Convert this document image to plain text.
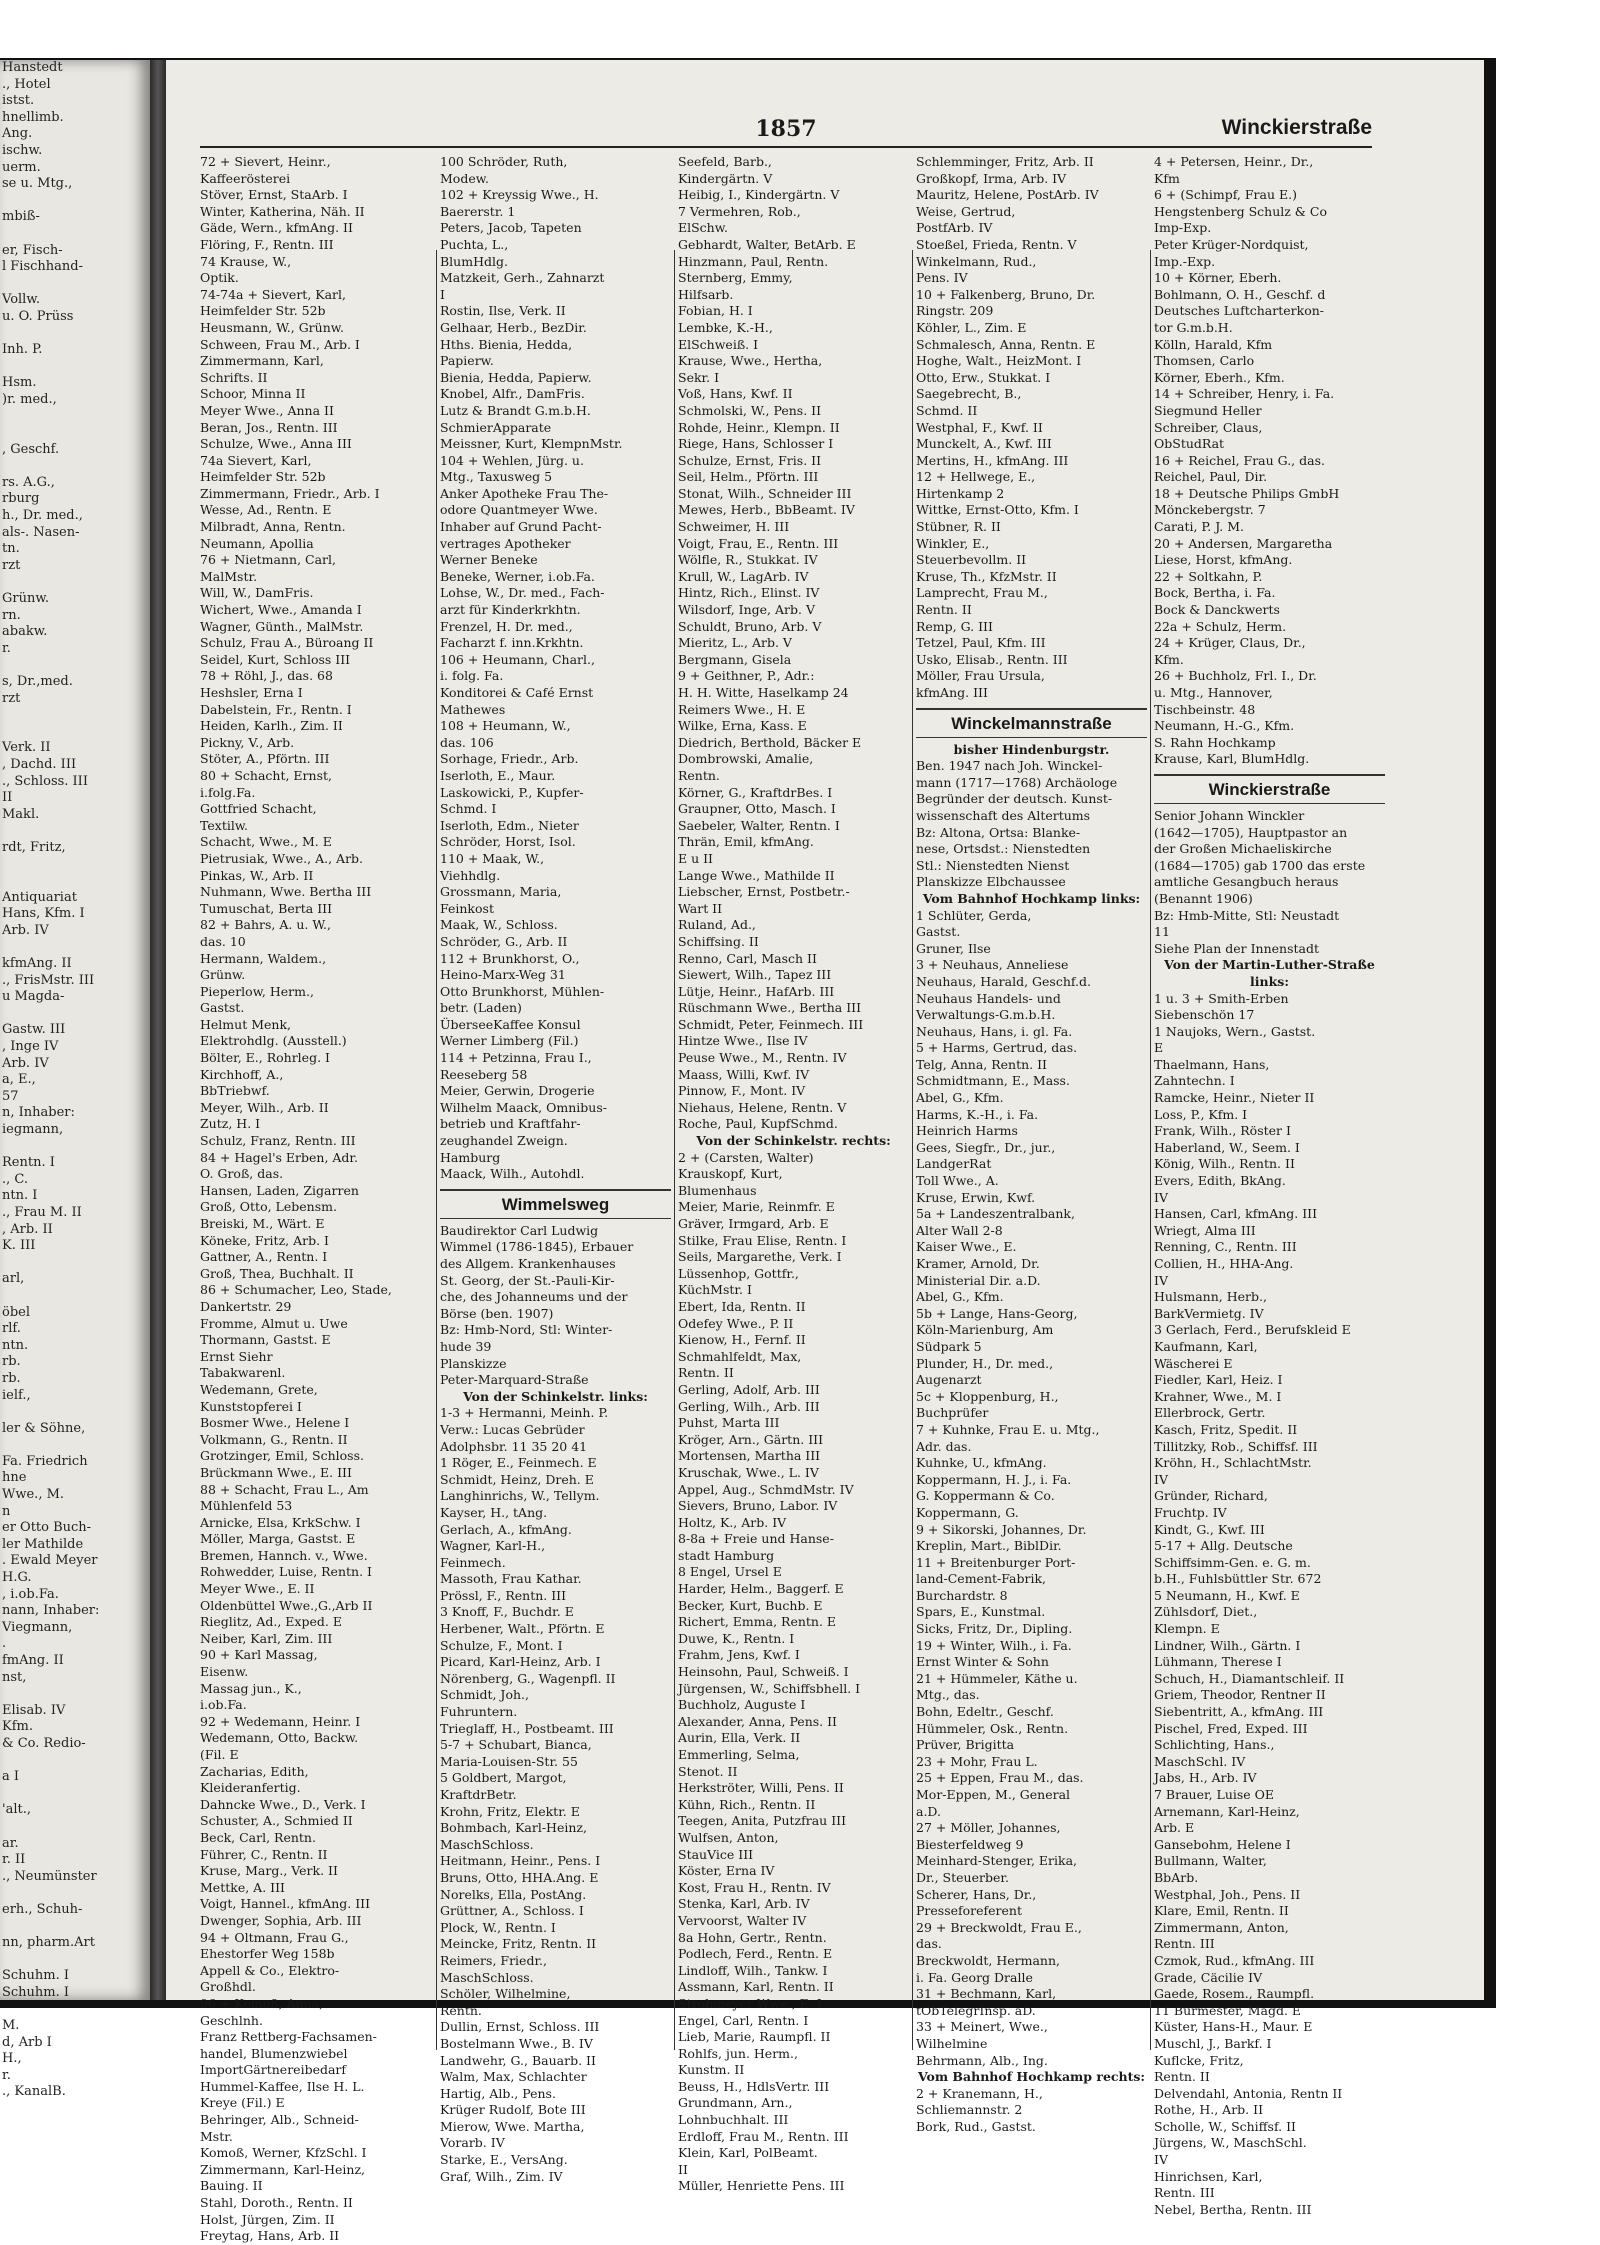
Hanstedt
., Hotel
istst.
hnellimb.
Ang.
ischw.
uerm.
se u. Mtg.,

mbiß-

er, Fisch-
l Fischhand-

Vollw.
u. O. Prüss

Inh. P.

Hsm.
)r. med.,

, Geschf.

rs. A.G.,
rburg
h., Dr. med.,
als-. Nasen-
tn.
rzt

Grünw.
rn.
abakw.
r.

s, Dr.,med.
rzt

Verk. II
, Dachd. III
., Schloss. III
II
Makl.

rdt, Fritz,

Antiquariat
Hans, Kfm. I
Arb. IV

kfmAng. II
., FrisMstr. III
u Magda-

Gastw. III
, Inge IV
Arb. IV
a, E.,
57
n, Inhaber:
iegmann,

Rentn. I
., C.
ntn. I
., Frau M. II
, Arb. II
K. III

arl,

öbel
rlf.
ntn.
rb.
rb.
ielf.,

ler & Söhne,

Fa. Friedrich
hne
Wwe., M.
n
er Otto Buch-
ler Mathilde
. Ewald Meyer
H.G.
, i.ob.Fa.
nann, Inhaber:
Viegmann,
.
fmAng. II
nst,

Elisab. IV
Kfm.
& Co. Redio-

a I

'alt.,

ar.
r. II
., Neumünster

erh., Schuh-

nn, pharm.Art

Schuhm. I
Schuhm. I

M.
d, Arb I
H.,
r.
., KanalB.
1857	Winckierstraße
72 + Sievert, Heinr.,
Kaffeerösterei
Stöver, Ernst, StaArb. I
Winter, Katherina, Näh. II
Gäde, Wern., kfmAng. II
Flöring, F., Rentn. III
74 Krause, W.,
Optik.
74-74a + Sievert, Karl,
Heimfelder Str. 52b
Heusmann, W., Grünw.
Schween, Frau M., Arb. I
Zimmermann, Karl,
Schrifts. II
Schoor, Minna II
Meyer Wwe., Anna II
Beran, Jos., Rentn. III
Schulze, Wwe., Anna III
74a Sievert, Karl,
Heimfelder Str. 52b
Zimmermann, Friedr., Arb. I
Wesse, Ad., Rentn. E
Milbradt, Anna, Rentn.
Neumann, Apollia
76 + Nietmann, Carl,
MalMstr.
Will, W., DamFris.
Wichert, Wwe., Amanda I
Wagner, Günth., MalMstr.
Schulz, Frau A., Büroang II
Seidel, Kurt, Schloss III
78 + Röhl, J., das. 68
Heshsler, Erna I
Dabelstein, Fr., Rentn. I
Heiden, Karlh., Zim. II
Pickny, V., Arb.
Stöter, A., Pförtn. III
80 + Schacht, Ernst,
i.folg.Fa.
Gottfried Schacht,
Textilw.
Schacht, Wwe., M. E
Pietrusiak, Wwe., A., Arb.
Pinkas, W., Arb. II
Nuhmann, Wwe. Bertha III
Tumuschat, Berta III
82 + Bahrs, A. u. W.,
das. 10
Hermann, Waldem.,
Grünw.
Pieperlow, Herm.,
Gastst.
Helmut Menk,
Elektrohdlg. (Ausstell.)
Bölter, E., Rohrleg. I
Kirchhoff, A.,
BbTriebwf.
Meyer, Wilh., Arb. II
Zutz, H. I
Schulz, Franz, Rentn. III
84 + Hagel's Erben, Adr.
O. Groß, das.
Hansen, Laden, Zigarren
Groß, Otto, Lebensm.
Breiski, M., Wärt. E
Köneke, Fritz, Arb. I
Gattner, A., Rentn. I
Groß, Thea, Buchhalt. II
86 + Schumacher, Leo, Stade,
Dankertstr. 29
Fromme, Almut u. Uwe
Thormann, Gastst. E
Ernst Siehr
Tabakwarenl.
Wedemann, Grete,
Kunststopferei I
Bosmer Wwe., Helene I
Volkmann, G., Rentn. II
Grotzinger, Emil, Schloss.
Brückmann Wwe., E. III
88 + Schacht, Frau L., Am
Mühlenfeld 53
Arnicke, Elsa, KrkSchw. I
Möller, Marga, Gastst. E
Bremen, Hannch. v., Wwe.
Rohwedder, Luise, Rentn. I
Meyer Wwe., E. II
Oldenbüttel Wwe.,G.,Arb II
Rieglitz, Ad., Exped. E
Neiber, Karl, Zim. III
90 + Karl Massag,
Eisenw.
Massag jun., K.,
i.ob.Fa.
92 + Wedemann, Heinr. I
Wedemann, Otto, Backw.
(Fil. E
Zacharias, Edith,
Kleideranfertig.
Dahncke Wwe., D., Verk. I
Schuster, A., Schmied II
Beck, Carl, Rentn.
Führer, C., Rentn. II
Kruse, Marg., Verk. II
Mettke, A. III
Voigt, Hannel., kfmAng. III
Dwenger, Sophia, Arb. III
94 + Oltmann, Frau G.,
Ehestorfer Weg 158b
Appell & Co., Elektro-
Großhdl.
96 + Komoß, Anna,
Geschlnh.
Franz Rettberg-Fachsamen-
handel, Blumenzwiebel
ImportGärtnereibedarf
Hummel-Kaffee, Ilse H. L.
Kreye (Fil.) E
Behringer, Alb., Schneid-
Mstr.
Komoß, Werner, KfzSchl. I
Zimmermann, Karl-Heinz,
Bauing. II
Stahl, Doroth., Rentn. II
Holst, Jürgen, Zim. II
Freytag, Hans, Arb. II
100 Schröder, Ruth,
Modew.
102 + Kreyssig Wwe., H.
Baererstr. 1
Peters, Jacob, Tapeten
Puchta, L.,
BlumHdlg.
Matzkeit, Gerh., Zahnarzt
I
Rostin, Ilse, Verk. II
Gelhaar, Herb., BezDir.
Hths. Bienia, Hedda,
Papierw.
Bienia, Hedda, Papierw.
Knobel, Alfr., DamFris.
Lutz & Brandt G.m.b.H.
SchmierApparate
Meissner, Kurt, KlempnMstr.
104 + Wehlen, Jürg. u.
Mtg., Taxusweg 5
Anker Apotheke Frau The-
odore Quantmeyer Wwe.
Inhaber auf Grund Pacht-
vertrages Apotheker
Werner Beneke
Beneke, Werner, i.ob.Fa.
Lohse, W., Dr. med., Fach-
arzt für Kinderkrkhtn.
Frenzel, H. Dr. med.,
Facharzt f. inn.Krkhtn.
106 + Heumann, Charl.,
i. folg. Fa.
Konditorei & Café Ernst
Mathewes
108 + Heumann, W.,
das. 106
Sorhage, Friedr., Arb.
Iserloth, E., Maur.
Laskowicki, P., Kupfer-
Schmd. I
Iserloth, Edm., Nieter
Schröder, Horst, Isol.
110 + Maak, W.,
Viehhdlg.
Grossmann, Maria,
Feinkost
Maak, W., Schloss.
Schröder, G., Arb. II
112 + Brunkhorst, O.,
Heino-Marx-Weg 31
Otto Brunkhorst, Mühlen-
betr. (Laden)
ÜberseeKaffee Konsul
Werner Limberg (Fil.)
114 + Petzinna, Frau I.,
Reeseberg 58
Meier, Gerwin, Drogerie
Wilhelm Maack, Omnibus-
betrieb und Kraftfahr-
zeughandel Zweign.
Hamburg
Maack, Wilh., Autohdl.
Wimmelsweg
Baudirektor Carl Ludwig
Wimmel (1786-1845), Erbauer
des Allgem. Krankenhauses
St. Georg, der St.-Pauli-Kir-
che, des Johanneums und der
Börse (ben. 1907)
Bz: Hmb-Nord, Stl: Winter-
hude 39
Planskizze
Peter-Marquard-Straße
Von der Schinkelstr. links:
1-3 + Hermanni, Meinh. P.
Verw.: Lucas Gebrüder
Adolphsbr. 11 35 20 41
1 Röger, E., Feinmech. E
Schmidt, Heinz, Dreh. E
Langhinrichs, W., Tellym.
Kayser, H., tAng.
Gerlach, A., kfmAng.
Wagner, Karl-H.,
Feinmech.
Massoth, Frau Kathar.
Prössl, F., Rentn. III
3 Knoff, F., Buchdr. E
Herbener, Walt., Pförtn. E
Schulze, F., Mont. I
Picard, Karl-Heinz, Arb. I
Nörenberg, G., Wagenpfl. II
Schmidt, Joh.,
Fuhruntern.
Trieglaff, H., Postbeamt. III
5-7 + Schubart, Bianca,
Maria-Louisen-Str. 55
5 Goldbert, Margot,
KraftdrBetr.
Krohn, Fritz, Elektr. E
Bohmbach, Karl-Heinz,
MaschSchloss.
Heitmann, Heinr., Pens. I
Bruns, Otto, HHA.Ang. E
Norelks, Ella, PostAng.
Grüttner, A., Schloss. I
Plock, W., Rentn. I
Meincke, Fritz, Rentn. II
Reimers, Friedr.,
MaschSchloss.
Schöler, Wilhelmine,
Rentn.
Dullin, Ernst, Schloss. III
Bostelmann Wwe., B. IV
Landwehr, G., Bauarb. II
Walm, Max, Schlachter
Hartig, Alb., Pens.
Krüger Rudolf, Bote III
Mierow, Wwe. Martha,
Vorarb. IV
Starke, E., VersAng.
Graf, Wilh., Zim. IV
Seefeld, Barb.,
Kindergärtn. V
Heibig, I., Kindergärtn. V
7 Vermehren, Rob.,
ElSchw.
Gebhardt, Walter, BetArb. E
Hinzmann, Paul, Rentn.
Sternberg, Emmy,
Hilfsarb.
Fobian, H. I
Lembke, K.-H.,
ElSchweiß. I
Krause, Wwe., Hertha,
Sekr. I
Voß, Hans, Kwf. II
Schmolski, W., Pens. II
Rohde, Heinr., Klempn. II
Riege, Hans, Schlosser I
Schulze, Ernst, Fris. II
Seil, Helm., Pförtn. III
Stonat, Wilh., Schneider III
Mewes, Herb., BbBeamt. IV
Schweimer, H. III
Voigt, Frau, E., Rentn. III
Wölfle, R., Stukkat. IV
Krull, W., LagArb. IV
Hintz, Rich., Elinst. IV
Wilsdorf, Inge, Arb. V
Schuldt, Bruno, Arb. V
Mieritz, L., Arb. V
Bergmann, Gisela
9 + Geithner, P., Adr.:
H. H. Witte, Haselkamp 24
Reimers Wwe., H. E
Wilke, Erna, Kass. E
Diedrich, Berthold, Bäcker E
Dombrowski, Amalie,
Rentn.
Körner, G., KraftdrBes. I
Graupner, Otto, Masch. I
Saebeler, Walter, Rentn. I
Thrän, Emil, kfmAng.
E u II
Lange Wwe., Mathilde II
Liebscher, Ernst, Postbetr.-
Wart II
Ruland, Ad.,
Schiffsing. II
Renno, Carl, Masch II
Siewert, Wilh., Tapez III
Lütje, Heinr., HafArb. III
Rüschmann Wwe., Bertha III
Schmidt, Peter, Feinmech. III
Hintze Wwe., Ilse IV
Peuse Wwe., M., Rentn. IV
Maass, Willi, Kwf. IV
Pinnow, F., Mont. IV
Niehaus, Helene, Rentn. V
Roche, Paul, KupfSchmd.
Von der Schinkelstr. rechts:
2 + (Carsten, Walter)
Krauskopf, Kurt,
Blumenhaus
Meier, Marie, Reinmfr. E
Gräver, Irmgard, Arb. E
Stilke, Frau Elise, Rentn. I
Seils, Margarethe, Verk. I
Lüssenhop, Gottfr.,
KüchMstr. I
Ebert, Ida, Rentn. II
Odefey Wwe., P. II
Kienow, H., Fernf. II
Schmahlfeldt, Max,
Rentn. II
Gerling, Adolf, Arb. III
Gerling, Wilh., Arb. III
Puhst, Marta III
Kröger, Arn., Gärtn. III
Mortensen, Martha III
Kruschak, Wwe., L. IV
Appel, Aug., SchmdMstr. IV
Sievers, Bruno, Labor. IV
Holtz, K., Arb. IV
8-8a + Freie und Hanse-
stadt Hamburg
8 Engel, Ursel E
Harder, Helm., Baggerf. E
Becker, Kurt, Buchb. E
Richert, Emma, Rentn. E
Duwe, K., Rentn. I
Frahm, Jens, Kwf. I
Heinsohn, Paul, Schweiß. I
Jürgensen, W., Schiffsbhell. I
Buchholz, Auguste I
Alexander, Anna, Pens. II
Aurin, Ella, Verk. II
Emmerling, Selma,
Stenot. II
Herkströter, Willi, Pens. II
Kühn, Rich., Rentn. II
Teegen, Anita, Putzfrau III
Wulfsen, Anton,
StauVice III
Köster, Erna IV
Kost, Frau H., Rentn. IV
Stenka, Karl, Arb. IV
Vervoorst, Walter IV
8a Hohn, Gertr., Rentn.
Podlech, Ferd., Rentn. E
Lindloff, Wilh., Tankw. I
Assmann, Karl, Rentn. II
Strohmeyer Wwe., E. I
Engel, Carl, Rentn. I
Lieb, Marie, Raumpfl. II
Rohlfs, jun. Herm.,
Kunstm. II
Beuss, H., HdlsVertr. III
Grundmann, Arn.,
Lohnbuchhalt. III
Erdloff, Frau M., Rentn. III
Klein, Karl, PolBeamt.
II
Müller, Henriette Pens. III
Schlemminger, Fritz, Arb. II
Großkopf, Irma, Arb. IV
Mauritz, Helene, PostArb. IV
Weise, Gertrud,
PostfArb. IV
Stoeßel, Frieda, Rentn. V
Winkelmann, Rud.,
Pens. IV
10 + Falkenberg, Bruno, Dr.
Ringstr. 209
Köhler, L., Zim. E
Schmalesch, Anna, Rentn. E
Hoghe, Walt., HeizMont. I
Otto, Erw., Stukkat. I
Saegebrecht, B.,
Schmd. II
Westphal, F., Kwf. II
Munckelt, A., Kwf. III
Mertins, H., kfmAng. III
12 + Hellwege, E.,
Hirtenkamp 2
Wittke, Ernst-Otto, Kfm. I
Stübner, R. II
Winkler, E.,
Steuerbevollm. II
Kruse, Th., KfzMstr. II
Lamprecht, Frau M.,
Rentn. II
Remp, G. III
Tetzel, Paul, Kfm. III
Usko, Elisab., Rentn. III
Möller, Frau Ursula,
kfmAng. III
Winckelmannstraße
bisher Hindenburgstr.
Ben. 1947 nach Joh. Winckel-
mann (1717—1768) Archäologe
Begründer der deutsch. Kunst-
wissenschaft des Altertums
Bz: Altona, Ortsa: Blanke-
nese, Ortsdst.: Nienstedten
Stl.: Nienstedten Nienst
Planskizze Elbchaussee
Vom Bahnhof Hochkamp links:
1 Schlüter, Gerda,
Gastst.
Gruner, Ilse
3 + Neuhaus, Anneliese
Neuhaus, Harald, Geschf.d.
Neuhaus Handels- und
Verwaltungs-G.m.b.H.
Neuhaus, Hans, i. gl. Fa.
5 + Harms, Gertrud, das.
Telg, Anna, Rentn. II
Schmidtmann, E., Mass.
Abel, G., Kfm.
Harms, K.-H., i. Fa.
Heinrich Harms
Gees, Siegfr., Dr., jur.,
LandgerRat
Toll Wwe., A.
Kruse, Erwin, Kwf.
5a + Landeszentralbank,
Alter Wall 2-8
Kaiser Wwe., E.
Kramer, Arnold, Dr.
Ministerial Dir. a.D.
Abel, G., Kfm.
5b + Lange, Hans-Georg,
Köln-Marienburg, Am
Südpark 5
Plunder, H., Dr. med.,
Augenarzt
5c + Kloppenburg, H.,
Buchprüfer
7 + Kuhnke, Frau E. u. Mtg.,
Adr. das.
Kuhnke, U., kfmAng.
Koppermann, H. J., i. Fa.
G. Koppermann & Co.
Koppermann, G.
9 + Sikorski, Johannes, Dr.
Kreplin, Mart., BiblDir.
11 + Breitenburger Port-
land-Cement-Fabrik,
Burchardstr. 8
Spars, E., Kunstmal.
Sicks, Fritz, Dr., Dipling.
19 + Winter, Wilh., i. Fa.
Ernst Winter & Sohn
21 + Hümmeler, Käthe u.
Mtg., das.
Bohn, Edeltr., Geschf.
Hümmeler, Osk., Rentn.
Prüver, Brigitta
23 + Mohr, Frau L.
25 + Eppen, Frau M., das.
Mor-Eppen, M., General
a.D.
27 + Möller, Johannes,
Biesterfeldweg 9
Meinhard-Stenger, Erika,
Dr., Steuerber.
Scherer, Hans, Dr.,
Presseforeferent
29 + Breckwoldt, Frau E.,
das.
Breckwoldt, Hermann,
i. Fa. Georg Dralle
31 + Bechmann, Karl,
tObTelegrInsp. aD.
33 + Meinert, Wwe.,
Wilhelmine
Behrmann, Alb., Ing.
Vom Bahnhof Hochkamp rechts:
2 + Kranemann, H.,
Schliemannstr. 2
Bork, Rud., Gastst.
4 + Petersen, Heinr., Dr.,
Kfm
6 + (Schimpf, Frau E.)
Hengstenberg Schulz & Co
Imp-Exp.
Peter Krüger-Nordquist,
Imp.-Exp.
10 + Körner, Eberh.
Bohlmann, O. H., Geschf. d
Deutsches Luftcharterkon-
tor G.m.b.H.
Kölln, Harald, Kfm
Thomsen, Carlo
Körner, Eberh., Kfm.
14 + Schreiber, Henry, i. Fa.
Siegmund Heller
Schreiber, Claus,
ObStudRat
16 + Reichel, Frau G., das.
Reichel, Paul, Dir.
18 + Deutsche Philips GmbH
Mönckebergstr. 7
Carati, P. J. M.
20 + Andersen, Margaretha
Liese, Horst, kfmAng.
22 + Soltkahn, P.
Bock, Bertha, i. Fa.
Bock & Danckwerts
22a + Schulz, Herm.
24 + Krüger, Claus, Dr.,
Kfm.
26 + Buchholz, Frl. I., Dr.
u. Mtg., Hannover,
Tischbeinstr. 48
Neumann, H.-G., Kfm.
S. Rahn Hochkamp
Krause, Karl, BlumHdlg.
Winckierstraße
Senior Johann Winckler
(1642—1705), Hauptpastor an
der Großen Michaeliskirche
(1684—1705) gab 1700 das erste
amtliche Gesangbuch heraus
(Benannt 1906)
Bz: Hmb-Mitte, Stl: Neustadt
11
Siehe Plan der Innenstadt
Von der Martin-Luther-Straße links:
1 u. 3 + Smith-Erben
Siebenschön 17
1 Naujoks, Wern., Gastst.
E
Thaelmann, Hans,
Zahntechn. I
Ramcke, Heinr., Nieter II
Loss, P., Kfm. I
Frank, Wilh., Röster I
Haberland, W., Seem. I
König, Wilh., Rentn. II
Evers, Edith, BkAng.
IV
Hansen, Carl, kfmAng. III
Wriegt, Alma III
Renning, C., Rentn. III
Collien, H., HHA-Ang.
IV
Hulsmann, Herb.,
BarkVermietg. IV
3 Gerlach, Ferd., Berufskleid E
Kaufmann, Karl,
Wäscherei E
Fiedler, Karl, Heiz. I
Krahner, Wwe., M. I
Ellerbrock, Gertr.
Kasch, Fritz, Spedit. II
Tillitzky, Rob., Schiffsf. III
Kröhn, H., SchlachtMstr.
IV
Gründer, Richard,
Fruchtp. IV
Kindt, G., Kwf. III
5-17 + Allg. Deutsche
Schiffsimm-Gen. e. G. m.
b.H., Fuhlsbüttler Str. 672
5 Neumann, H., Kwf. E
Zühlsdorf, Diet.,
Klempn. E
Lindner, Wilh., Gärtn. I
Lühmann, Therese I
Schuch, H., Diamantschleif. II
Griem, Theodor, Rentner II
Siebentritt, A., kfmAng. III
Pischel, Fred, Exped. III
Schlichting, Hans.,
MaschSchl. IV
Jabs, H., Arb. IV
7 Brauer, Luise OE
Arnemann, Karl-Heinz,
Arb. E
Gansebohm, Helene I
Bullmann, Walter,
BbArb.
Westphal, Joh., Pens. II
Klare, Emil, Rentn. II
Zimmermann, Anton,
Rentn. III
Czmok, Rud., kfmAng. III
Grade, Cäcilie IV
Gaede, Rosem., Raumpfl.
11 Burmester, Magd. E
Küster, Hans-H., Maur. E
Muschl, J., Barkf. I
Kuflcke, Fritz,
Rentn. II
Delvendahl, Antonia, Rentn II
Rothe, H., Arb. II
Scholle, W., Schiffsf. II
Jürgens, W., MaschSchl.
IV
Hinrichsen, Karl,
Rentn. III
Nebel, Bertha, Rentn. III
